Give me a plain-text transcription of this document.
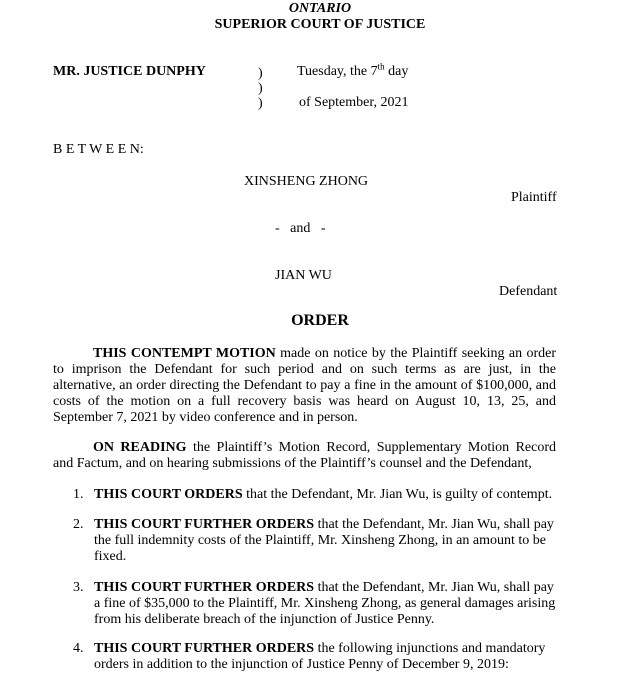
ONTARIO
SUPERIOR COURT OF JUSTICE
MR. JUSTICE DUNPHY	)
)
)
Tuesday, the 7th day
of September, 2021
B E T W E E N:
XINSHENG ZHONG
Plaintiff
-   and   -
JIAN WU
Defendant
ORDER
THIS CONTEMPT MOTION made on notice by the Plaintiff seeking an order to imprison the Defendant for such period and on such terms as are just, in the alternative, an order directing the Defendant to pay a fine in the amount of $100,000, and costs of the motion on a full recovery basis was heard on August 10, 13, 25, and September 7, 2021 by video conference and in person.
ON READING the Plaintiff’s Motion Record, Supplementary Motion Record and Factum, and on hearing submissions of the Plaintiff’s counsel and the Defendant,
1. THIS COURT ORDERS that the Defendant, Mr. Jian Wu, is guilty of contempt.
2. THIS COURT FURTHER ORDERS that the Defendant, Mr. Jian Wu, shall pay the full indemnity costs of the Plaintiff, Mr. Xinsheng Zhong, in an amount to be fixed.
3. THIS COURT FURTHER ORDERS that the Defendant, Mr. Jian Wu, shall pay a fine of $35,000 to the Plaintiff, Mr. Xinsheng Zhong, as general damages arising from his deliberate breach of the injunction of Justice Penny.
4. THIS COURT FURTHER ORDERS the following injunctions and mandatory orders in addition to the injunction of Justice Penny of December 9, 2019:
